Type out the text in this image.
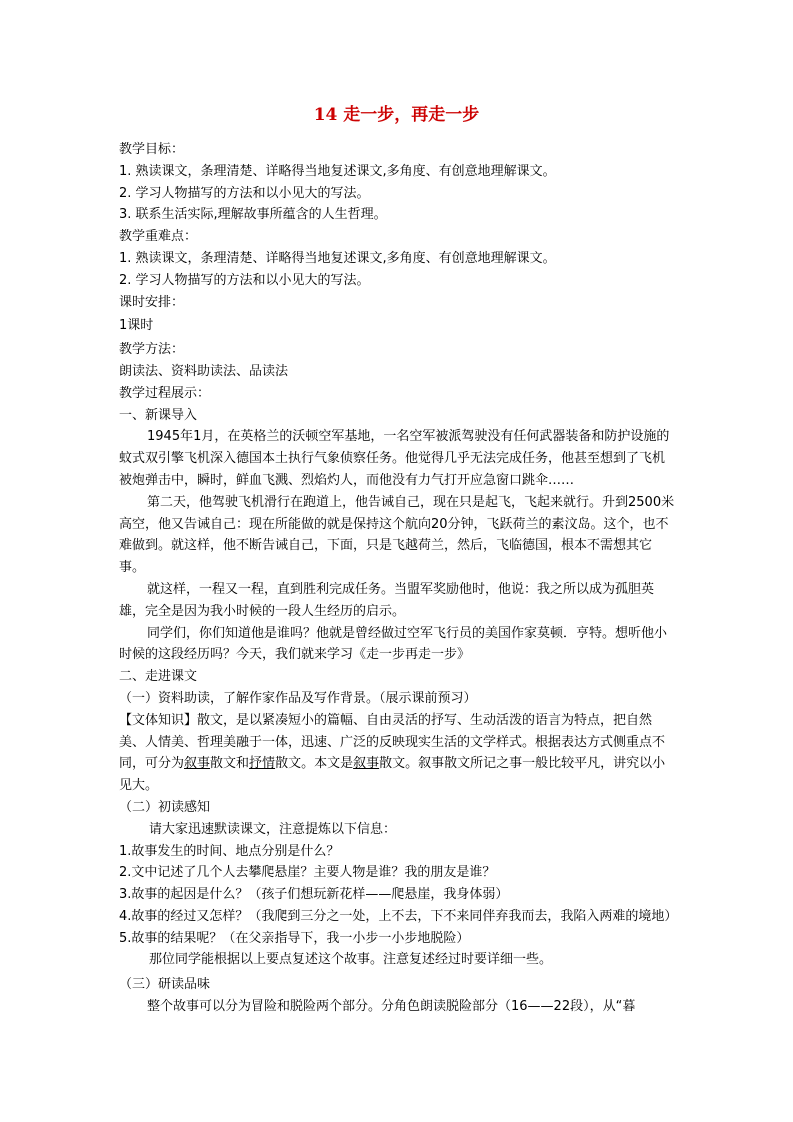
14 走一步，再走一步

教学目标：

1. 熟读课文，条理清楚、详略得当地复述课文,多角度、有创意地理解课文。

2. 学习人物描写的方法和以小见大的写法。

3. 联系生活实际,理解故事所蕴含的人生哲理。

教学重难点：

1. 熟读课文，条理清楚、详略得当地复述课文,多角度、有创意地理解课文。

2. 学习人物描写的方法和以小见大的写法。

课时安排：

1课时

教学方法：

朗读法、资料助读法、品读法

教学过程展示：

一、新课导入

1945年1月，在英格兰的沃顿空军基地，一名空军被派驾驶没有任何武器装备和防护设施的蚊式双引擎飞机深入德国本土执行气象侦察任务。他觉得几乎无法完成任务，他甚至想到了飞机被炮弹击中，瞬时，鲜血飞溅、烈焰灼人，而他没有力气打开应急窗口跳伞……

第二天，他驾驶飞机滑行在跑道上，他告诫自己，现在只是起飞，飞起来就行。升到2500米高空，他又告诫自己：现在所能做的就是保持这个航向20分钟，飞跃荷兰的素汶岛。这个，也不难做到。就这样，他不断告诫自己，下面，只是飞越荷兰，然后，飞临德国，根本不需想其它事。

就这样，一程又一程，直到胜利完成任务。当盟军奖励他时，他说：我之所以成为孤胆英雄，完全是因为我小时候的一段人生经历的启示。

同学们，你们知道他是谁吗？他就是曾经做过空军飞行员的美国作家莫顿．亨特。想听他小时候的这段经历吗？今天，我们就来学习《走一步再走一步》

二、走进课文

（一）资料助读，了解作家作品及写作背景。（展示课前预习）

【文体知识】散文，是以紧凑短小的篇幅、自由灵活的抒写、生动活泼的语言为特点，把自然美、人情美、哲理美融于一体，迅速、广泛的反映现实生活的文学样式。根据表达方式侧重点不同，可分为叙事散文和抒情散文。本文是叙事散文。叙事散文所记之事一般比较平凡，讲究以小见大。

（二）初读感知

请大家迅速默读课文，注意提炼以下信息：

1.故事发生的时间、地点分别是什么？

2.文中记述了几个人去攀爬悬崖？主要人物是谁？我的朋友是谁？

3.故事的起因是什么？（孩子们想玩新花样——爬悬崖，我身体弱）

4.故事的经过又怎样？（我爬到三分之一处，上不去，下不来同伴弃我而去，我陷入两难的境地）

5.故事的结果呢？（在父亲指导下，我一小步一小步地脱险）

那位同学能根据以上要点复述这个故事。注意复述经过时要详细一些。

（三）研读品味

整个故事可以分为冒险和脱险两个部分。分角色朗读脱险部分（16——22段），从“暮
